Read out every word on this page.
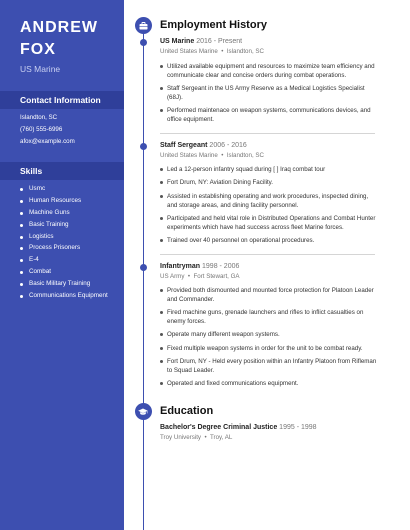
ANDREW
FOX
US Marine
Contact Information
Islandton, SC
(760) 555-6996
afox@example.com
Skills
Usmc
Human Resources
Machine Guns
Basic Training
Logistics
Process Prisoners
E-4
Combat
Basic Military Training
Communications Equipment
Employment History
US Marine 2016 - Present
United States Marine  •  Islandton, SC
Utilized available equipment and resources to maximize team efficiency and communicate clear and concise orders during combat operations.
Staff Sergeant in the US Army Reserve as a Medical Logistics Specialist (68J).
Performed maintenace on weapon systems, communications devices, and office equipment.
Staff Sergeant 2006 - 2016
United States Marine  •  Islandton, SC
Led a 12-person infantry squad during [ ] Iraq combat tour
Fort Drum, NY: Aviation Dining Facility.
Assisted in establishing operating and work procedures, inspected dining, and storage areas, and dining facility personnel.
Participated and held vital role in Distributed Operations and Combat Hunter experiments which have had success across fleet Marine forces.
Trained over 40 personnel on operational procedures.
Infantryman 1998 - 2006
US Army  •  Fort Stewart, GA
Provided both dismounted and mounted force protection for Platoon Leader and Commander.
Fired machine guns, grenade launchers and rifles to inflict casualties on enemy forces.
Operate many different weapon systems.
Fixed multiple weapon systems in order for the unit to be combat ready.
Fort Drum, NY - Held every position within an Infantry Platoon from Rifleman to Squad Leader.
Operated and fixed communications equipment.
Education
Bachelor's Degree Criminal Justice 1995 - 1998
Troy University  •  Troy, AL
